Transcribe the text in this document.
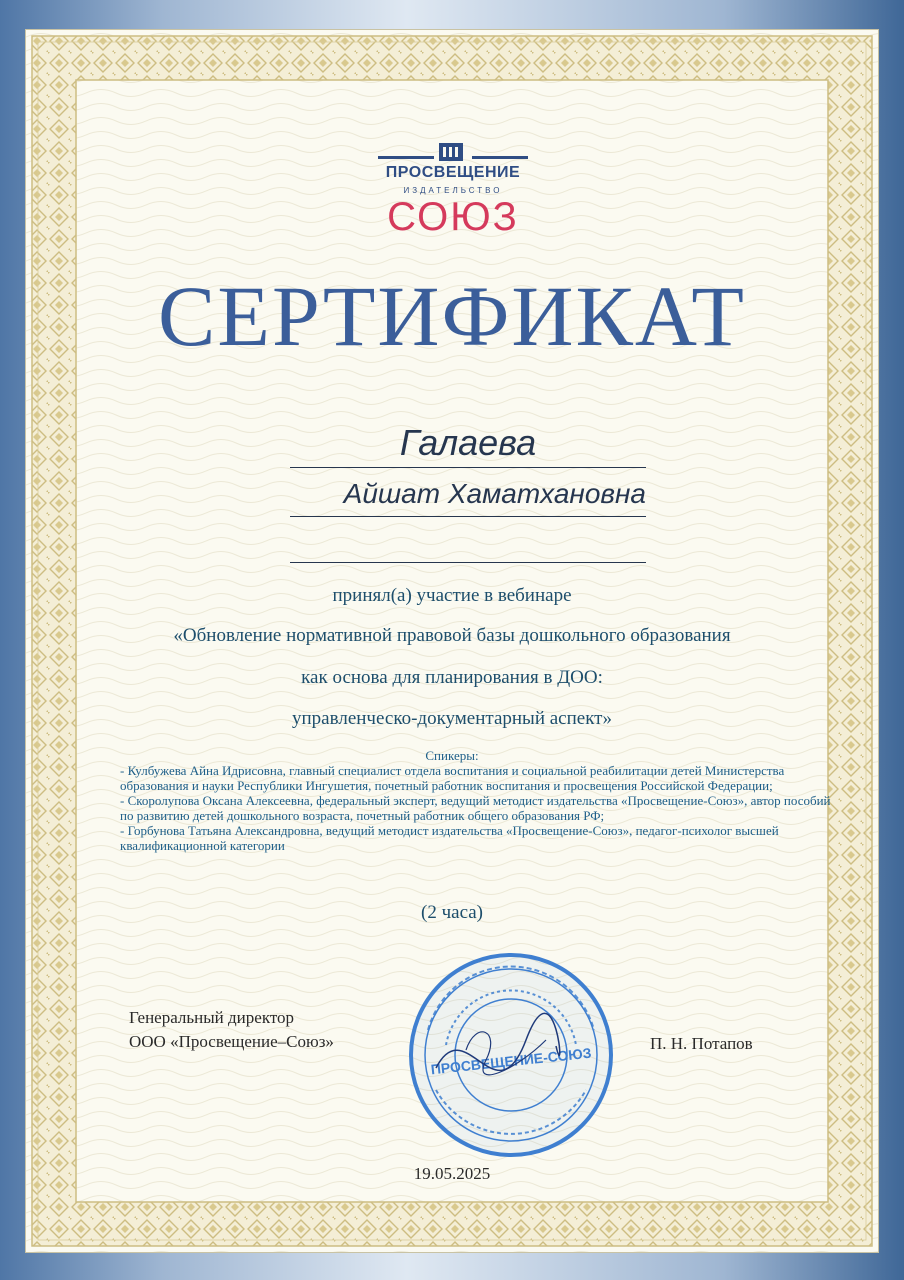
ПРОСВЕЩЕНИЕ
ИЗДАТЕЛЬСТВО
СОЮЗ
СЕРТИФИКАТ
Галаева
Айшат Хаматхановна
принял(а) участие в вебинаре
«Обновление нормативной правовой базы дошкольного образования
как основа для планирования в ДОО:
управленческо-документарный аспект»
Спикеры:
- Кулбужева Айна Идрисовна, главный специалист отдела воспитания и социальной реабилитации детей Министерства образования и науки Республики Ингушетия, почетный работник воспитания и просвещения Российской Федерации;
- Скоролупова Оксана Алексеевна, федеральный эксперт, ведущий методист издательства «Просвещение-Союз», автор пособий по развитию детей дошкольного возраста, почетный работник общего образования РФ;
- Горбунова Татьяна Александровна, ведущий методист издательства «Просвещение-Союз», педагог-психолог высшей квалификационной категории
(2 часа)
Генеральный директор
ООО «Просвещение–Союз»
ПРОСВЕЩЕНИЕ-СОЮЗ
П. Н. Потапов
19.05.2025
